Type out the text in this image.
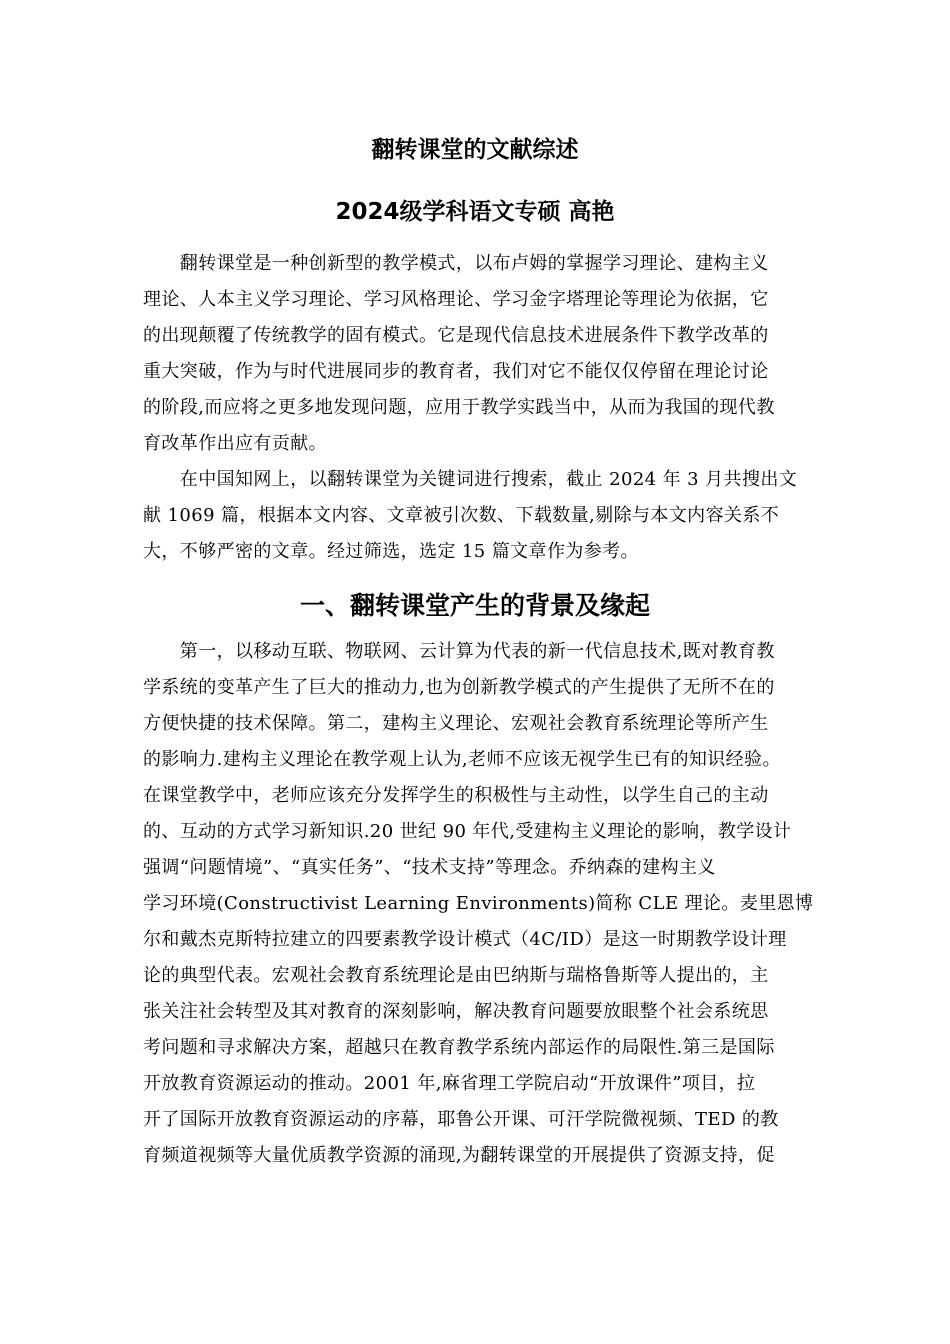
翻转课堂的文献综述
2024级学科语文专硕 高艳

　　翻转课堂是一种创新型的教学模式，以布卢姆的掌握学习理论、建构主义
理论、人本主义学习理论、学习风格理论、学习金字塔理论等理论为依据，它
的出现颠覆了传统教学的固有模式。它是现代信息技术进展条件下教学改革的
重大突破，作为与时代进展同步的教育者，我们对它不能仅仅停留在理论讨论
的阶段,而应将之更多地发现问题，应用于教学实践当中，从而为我国的现代教
育改革作出应有贡献。

　　在中国知网上，以翻转课堂为关键词进行搜索，截止 2024 年 3 月共搜出文
献 1069 篇，根据本文内容、文章被引次数、下载数量,剔除与本文内容关系不
大，不够严密的文章。经过筛选，选定 15 篇文章作为参考。

一、翻转课堂产生的背景及缘起

　　第一，以移动互联、物联网、云计算为代表的新一代信息技术,既对教育教
学系统的变革产生了巨大的推动力,也为创新教学模式的产生提供了无所不在的
方便快捷的技术保障。第二，建构主义理论、宏观社会教育系统理论等所产生
的影响力.建构主义理论在教学观上认为,老师不应该无视学生已有的知识经验。
在课堂教学中，老师应该充分发挥学生的积极性与主动性，以学生自己的主动
的、互动的方式学习新知识.20 世纪 90 年代,受建构主义理论的影响，教学设计
强调“问题情境”、“真实任务”、“技术支持”等理念。乔纳森的建构主义
学习环境(Constructivist Learning Environments)简称 CLE 理论。麦里恩博
尔和戴杰克斯特拉建立的四要素教学设计模式（4C/ID）是这一时期教学设计理
论的典型代表。宏观社会教育系统理论是由巴纳斯与瑞格鲁斯等人提出的，主
张关注社会转型及其对教育的深刻影响，解决教育问题要放眼整个社会系统思
考问题和寻求解决方案，超越只在教育教学系统内部运作的局限性.第三是国际
开放教育资源运动的推动。2001 年,麻省理工学院启动“开放课件”项目，拉
开了国际开放教育资源运动的序幕，耶鲁公开课、可汗学院微视频、TED 的教
育频道视频等大量优质教学资源的涌现,为翻转课堂的开展提供了资源支持，促
